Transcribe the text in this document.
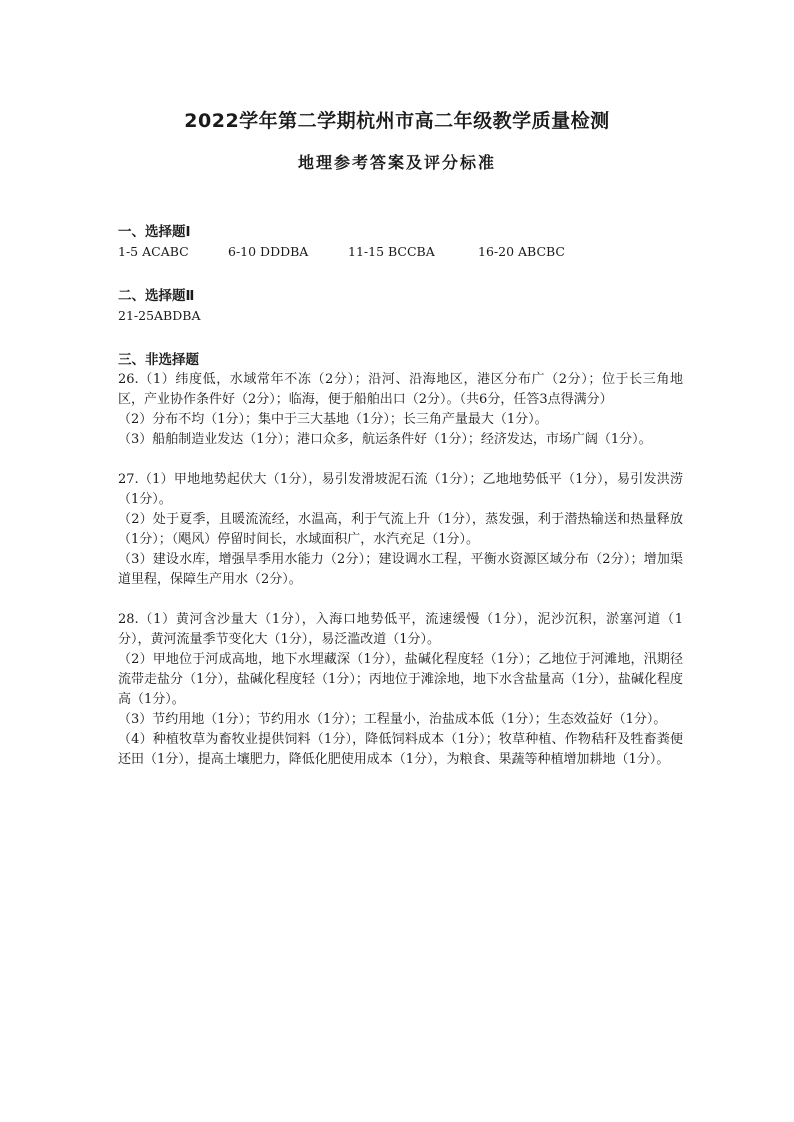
2022学年第二学期杭州市高二年级教学质量检测
地理参考答案及评分标准

一、选择题Ⅰ

1-5 ACABC	6-10 DDDBA	11-15 BCCBA	16-20 ABCBC

二、选择题Ⅱ

21-25ABDBA

三、非选择题

26.（1）纬度低，水域常年不冻（2分）；沿河、沿海地区，港区分布广（2分）；位于长三角地区，产业协作条件好（2分）；临海，便于船舶出口（2分）。（共6分，任答3点得满分）

（2）分布不均（1分）；集中于三大基地（1分）；长三角产量最大（1分）。

（3）船舶制造业发达（1分）；港口众多，航运条件好（1分）；经济发达，市场广阔（1分）。

27.（1）甲地地势起伏大（1分），易引发滑坡泥石流（1分）；乙地地势低平（1分），易引发洪涝（1分）。

（2）处于夏季，且暖流流经，水温高，利于气流上升（1分），蒸发强，利于潜热输送和热量释放（1分）；（飓风）停留时间长，水域面积广，水汽充足（1分）。

（3）建设水库，增强旱季用水能力（2分）；建设调水工程，平衡水资源区域分布（2分）；增加渠道里程，保障生产用水（2分）。

28.（1）黄河含沙量大（1分），入海口地势低平，流速缓慢（1分），泥沙沉积，淤塞河道（1分），黄河流量季节变化大（1分），易泛滥改道（1分）。

（2）甲地位于河成高地，地下水埋藏深（1分），盐碱化程度轻（1分）；乙地位于河滩地，汛期径流带走盐分（1分），盐碱化程度轻（1分）；丙地位于滩涂地，地下水含盐量高（1分），盐碱化程度高（1分）。

（3）节约用地（1分）；节约用水（1分）；工程量小，治盐成本低（1分）；生态效益好（1分）。

（4）种植牧草为畜牧业提供饲料（1分），降低饲料成本（1分）；牧草种植、作物秸秆及牲畜粪便还田（1分），提高土壤肥力，降低化肥使用成本（1分），为粮食、果蔬等种植增加耕地（1分）。
